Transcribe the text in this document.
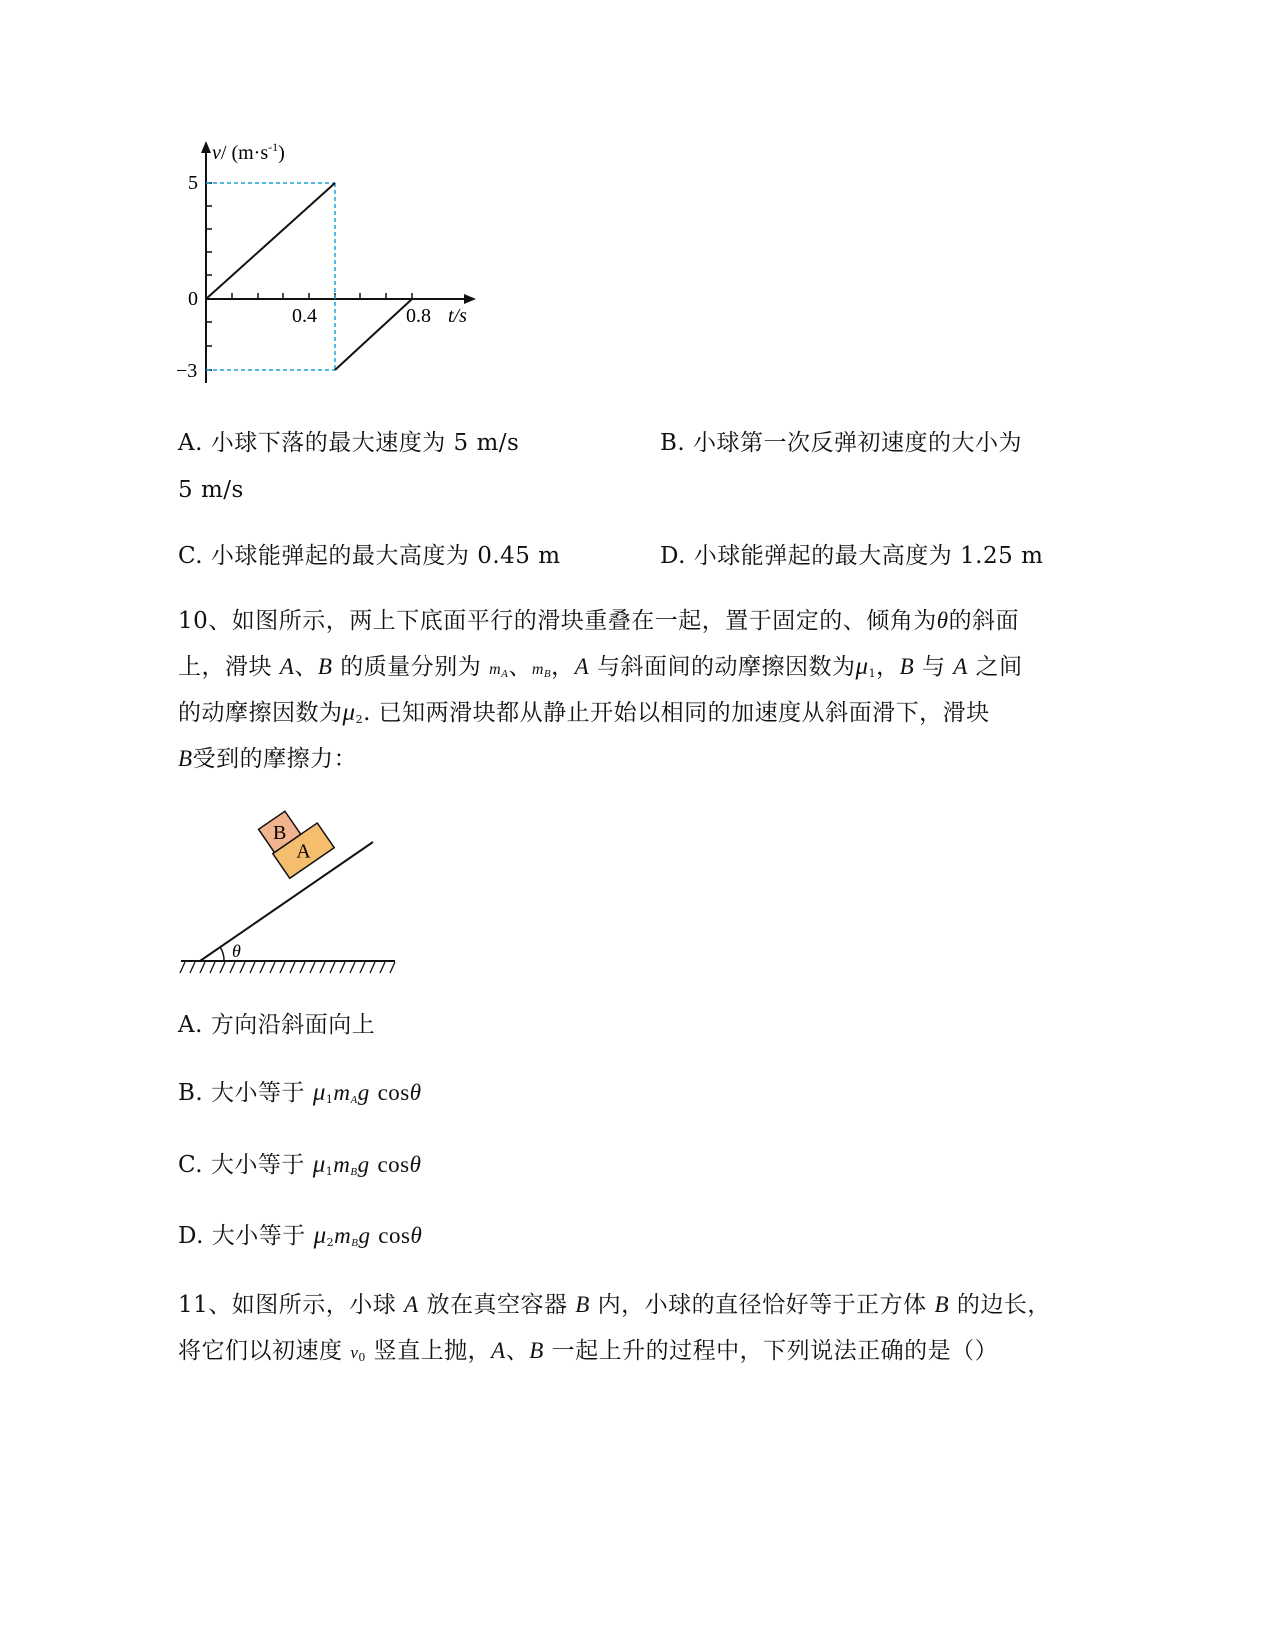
v/ $(m\cdot s^{-1})$
5
0
−3
0.4	0.8 t/s
A. 小球下落的最大速度为 5 m/s	B. 小球第一次反弹初速度的大小为
5 m/s
C. 小球能弹起的最大高度为 0.45 m	D. 小球能弹起的最大高度为 1.25 m
10、如图所示，两上下底面平行的滑块重叠在一起，置于固定的、倾角为θ的斜面
上，滑块 A、B 的质量分别为 $m_A$、$m_B$，A 与斜面间的动摩擦因数为$\mu_1$，B 与 A 之间
的动摩擦因数为$\mu_2$. 已知两滑块都从静止开始以相同的加速度从斜面滑下，滑块
B受到的摩擦力：
θ
A
B
A. 方向沿斜面向上
B. 大小等于 $\mu_1m_Ag$ cosθ
C. 大小等于 $\mu_1m_Bg$ cosθ
D. 大小等于 $\mu_2m_Bg$ cosθ
11、如图所示，小球 A 放在真空容器 B 内，小球的直径恰好等于正方体 B 的边长，
将它们以初速度 $v_0$ 竖直上抛，A、B 一起上升的过程中，下列说法正确的是（）
